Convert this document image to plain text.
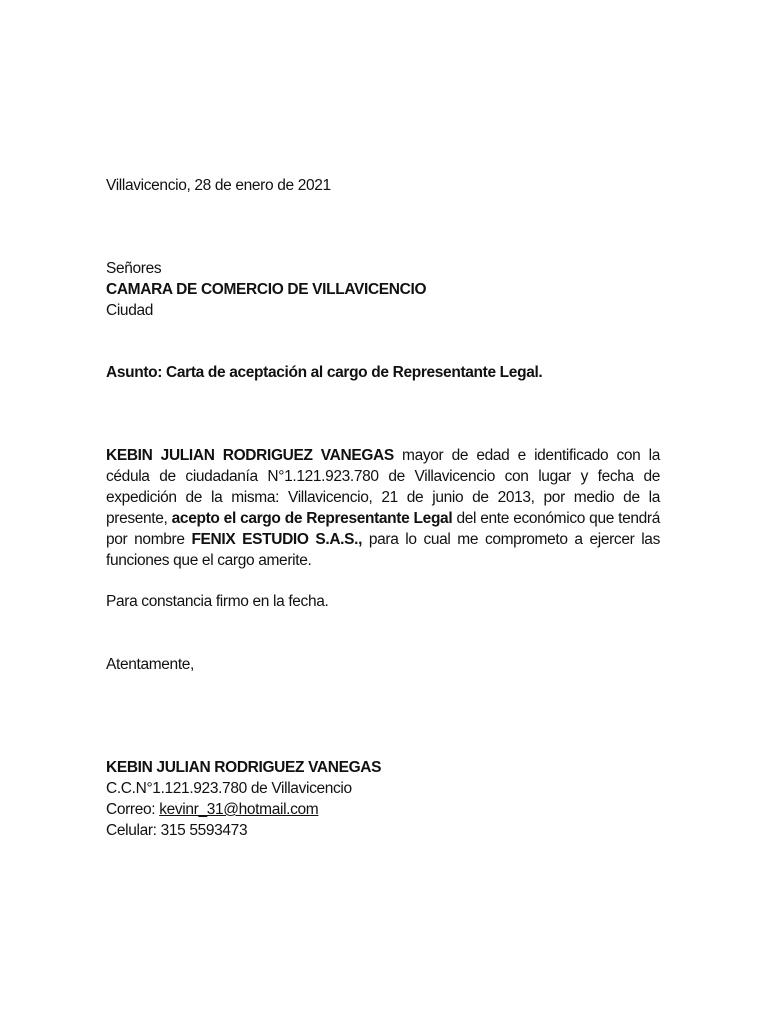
Villavicencio, 28 de enero de 2021
Señores
CAMARA DE COMERCIO DE VILLAVICENCIO
Ciudad
Asunto: Carta de aceptación al cargo de Representante Legal.

KEBIN JULIAN RODRIGUEZ VANEGAS mayor de edad e identificado con la cédula de ciudadanía N°1.121.923.780 de Villavicencio con lugar y fecha de expedición de la misma: Villavicencio, 21 de junio de 2013, por medio de la presente, acepto el cargo de Representante Legal del ente económico que tendrá por nombre FENIX ESTUDIO S.A.S., para lo cual me comprometo a ejercer las funciones que el cargo amerite.

Para constancia firmo en la fecha.
Atentamente,
KEBIN JULIAN RODRIGUEZ VANEGAS
C.C.N°1.121.923.780 de Villavicencio
Correo: kevinr_31@hotmail.com
Celular: 315 5593473
